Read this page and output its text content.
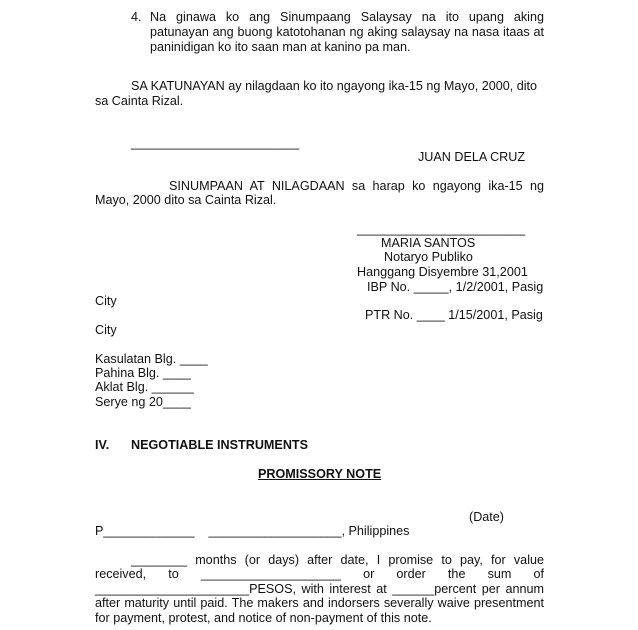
4. Na ginawa ko ang Sinumpaang Salaysay na ito upang aking
patunayan ang buong katotohanan ng aking salaysay na nasa itaas at
paninidigan ko ito saan man at kanino pa man.
SA KATUNAYAN ay nilagdaan ko ito ngayong ika-15 ng Mayo, 2000, dito
sa Cainta Rizal.
________________________
JUAN DELA CRUZ
SINUMPAAN AT NILAGDAAN sa harap ko ngayong ika-15 ng
Mayo, 2000 dito sa Cainta Rizal.
________________________
MARIA SANTOS
Notaryo Publiko
Hanggang Disyembre 31,2001
IBP No. _____, 1/2/2001, Pasig
City
PTR No. ____ 1/15/2001, Pasig
City
Kasulatan Blg. ____
Pahina Blg. ____
Aklat Blg. ______
Serye ng 20____
IV. NEGOTIABLE INSTRUMENTS
PROMISSORY NOTE
(Date)
P_____________    ___________________, Philippines
________ months (or days) after date, I promise to pay, for value
received, to ____________________ or order the sum of
______________________PESOS, with interest at ______percent per annum
after maturity until paid. The makers and indorsers severally waive presentment
for payment, protest, and notice of non-payment of this note.
